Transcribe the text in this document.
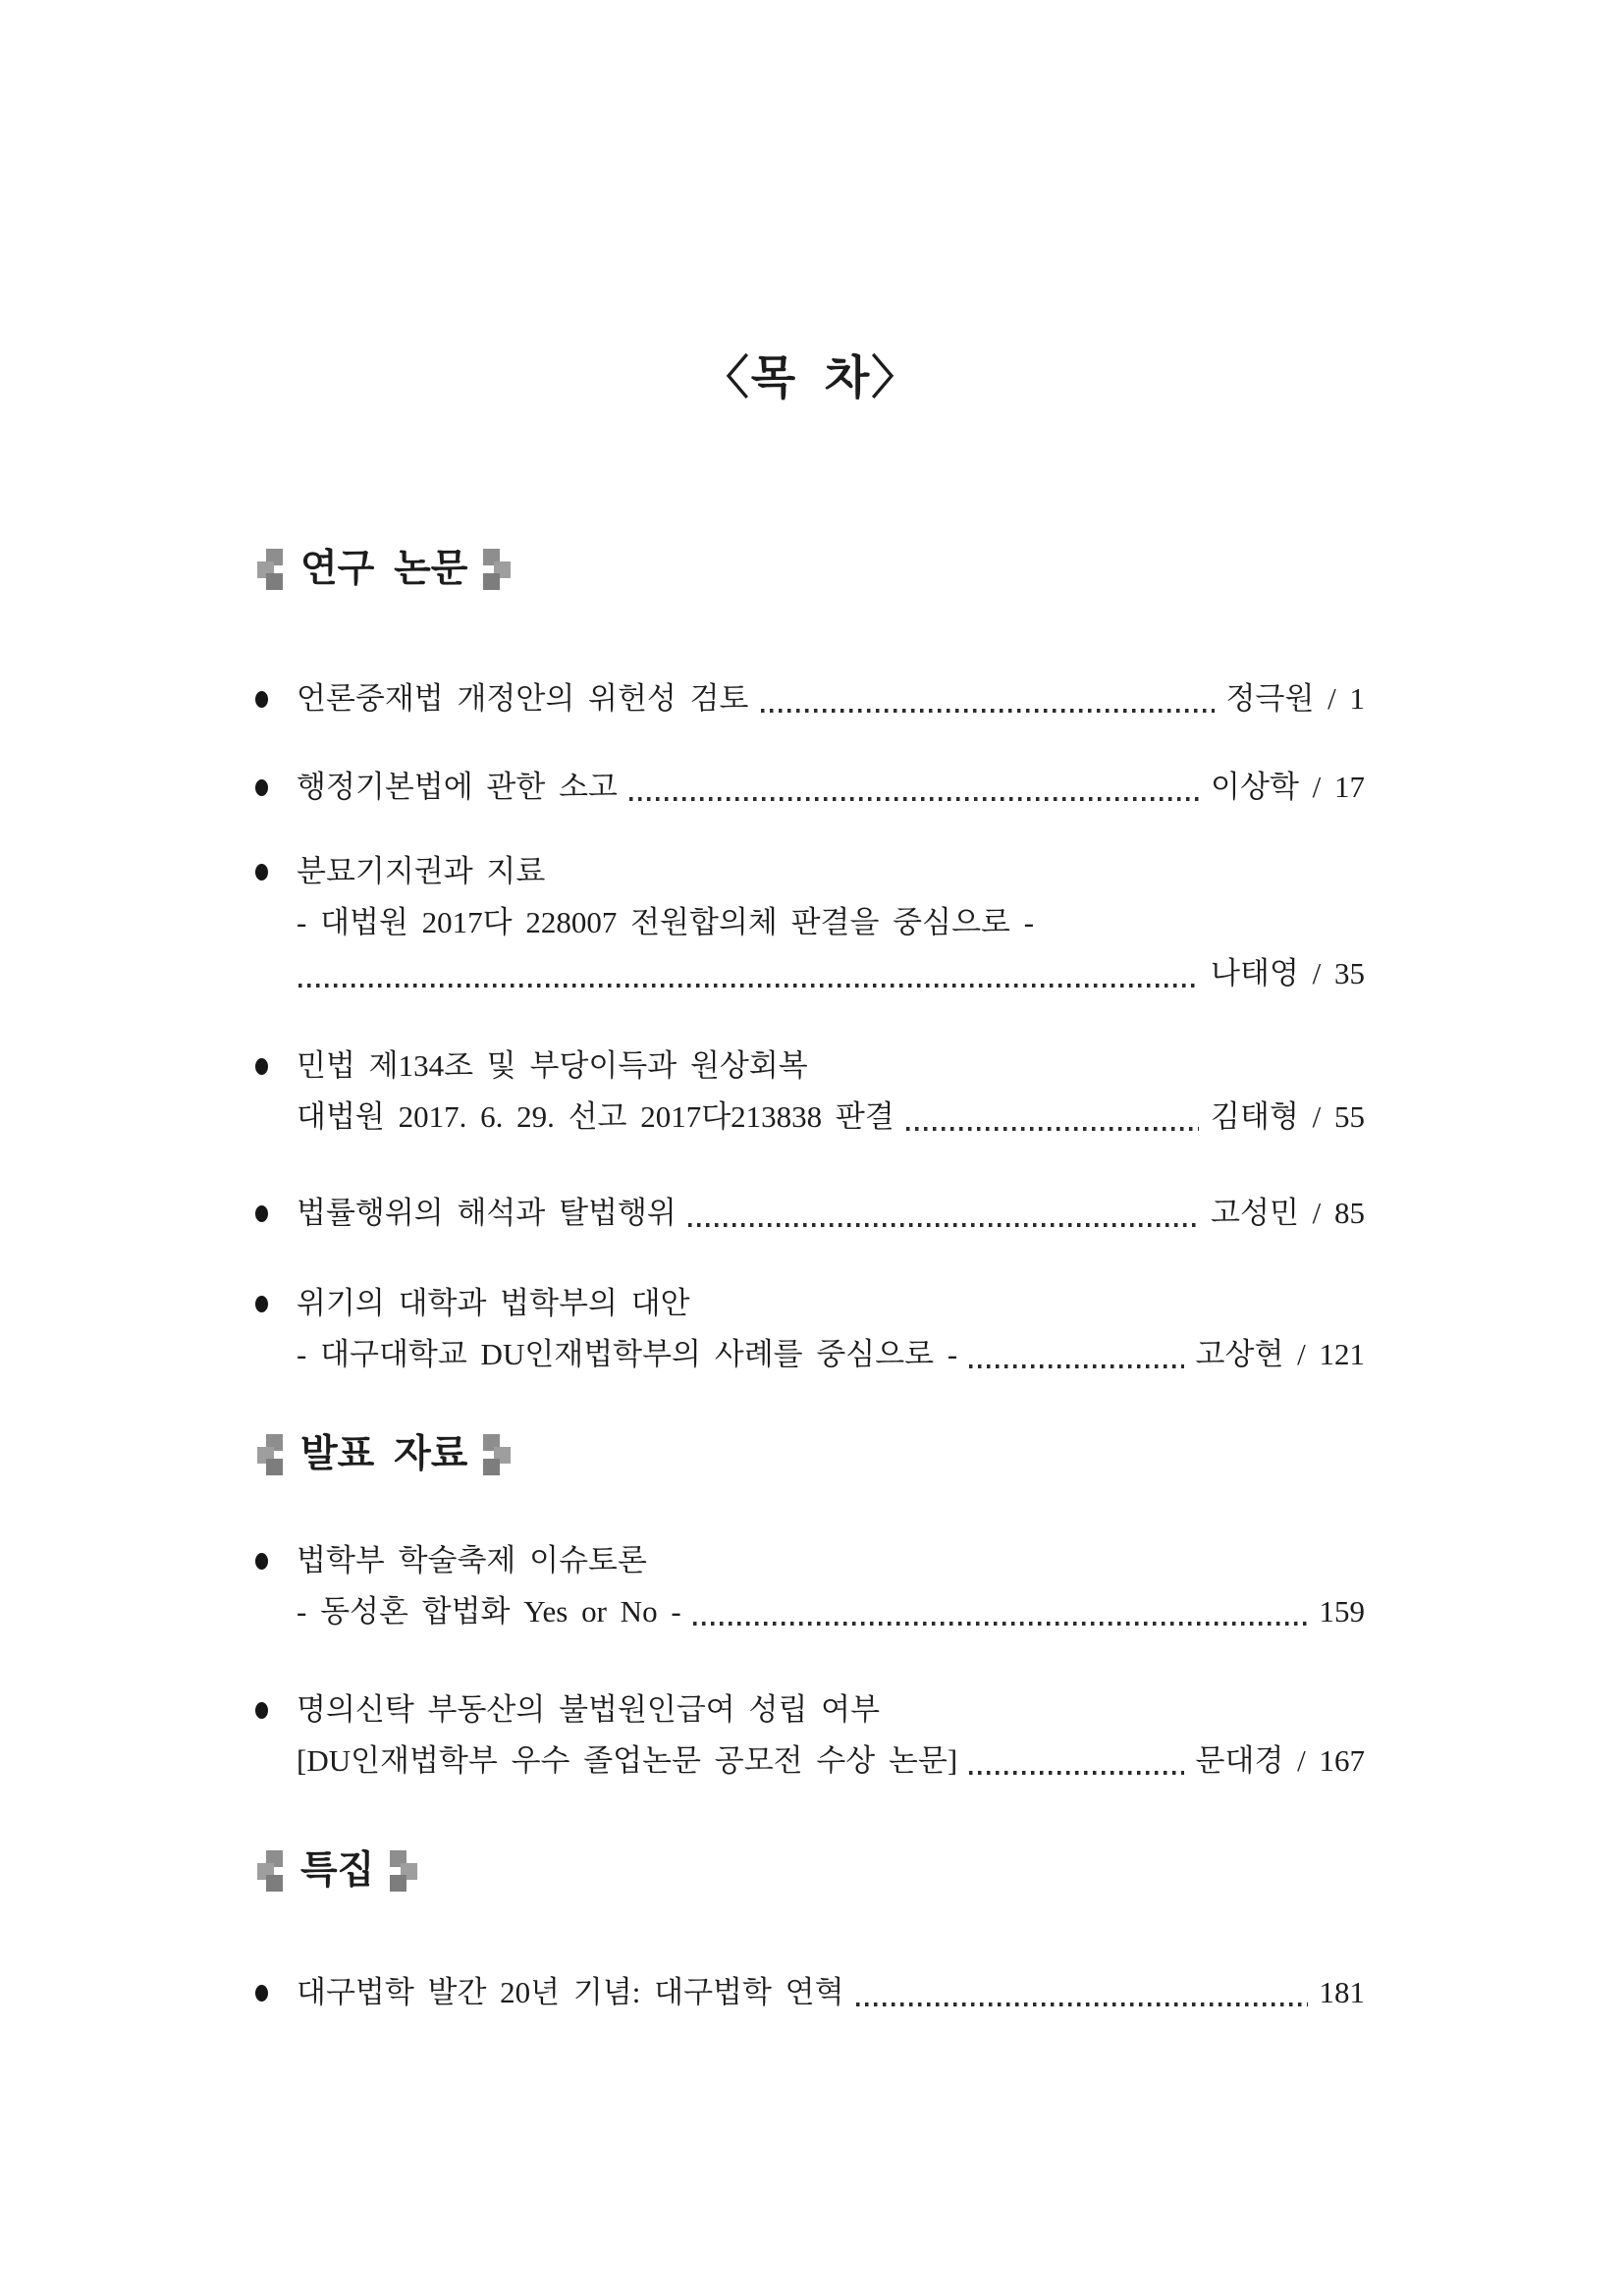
〈목 차〉
연구 논문
언론중재법 개정안의 위헌성 검토	정극원 / 1
행정기본법에 관한 소고	이상학 / 17
분묘기지권과 지료
- 대법원 2017다 228007 전원합의체 판결을 중심으로 -
나태영 / 35
민법 제134조 및 부당이득과 원상회복
대법원 2017. 6. 29. 선고 2017다213838 판결	김태형 / 55
법률행위의 해석과 탈법행위	고성민 / 85
위기의 대학과 법학부의 대안
- 대구대학교 DU인재법학부의 사례를 중심으로 -	고상현 / 121
발표 자료
법학부 학술축제 이슈토론
- 동성혼 합법화 Yes or No -	159
명의신탁 부동산의 불법원인급여 성립 여부
[DU인재법학부 우수 졸업논문 공모전 수상 논문]	문대경 / 167
특집
대구법학 발간 20년 기념: 대구법학 연혁	181
